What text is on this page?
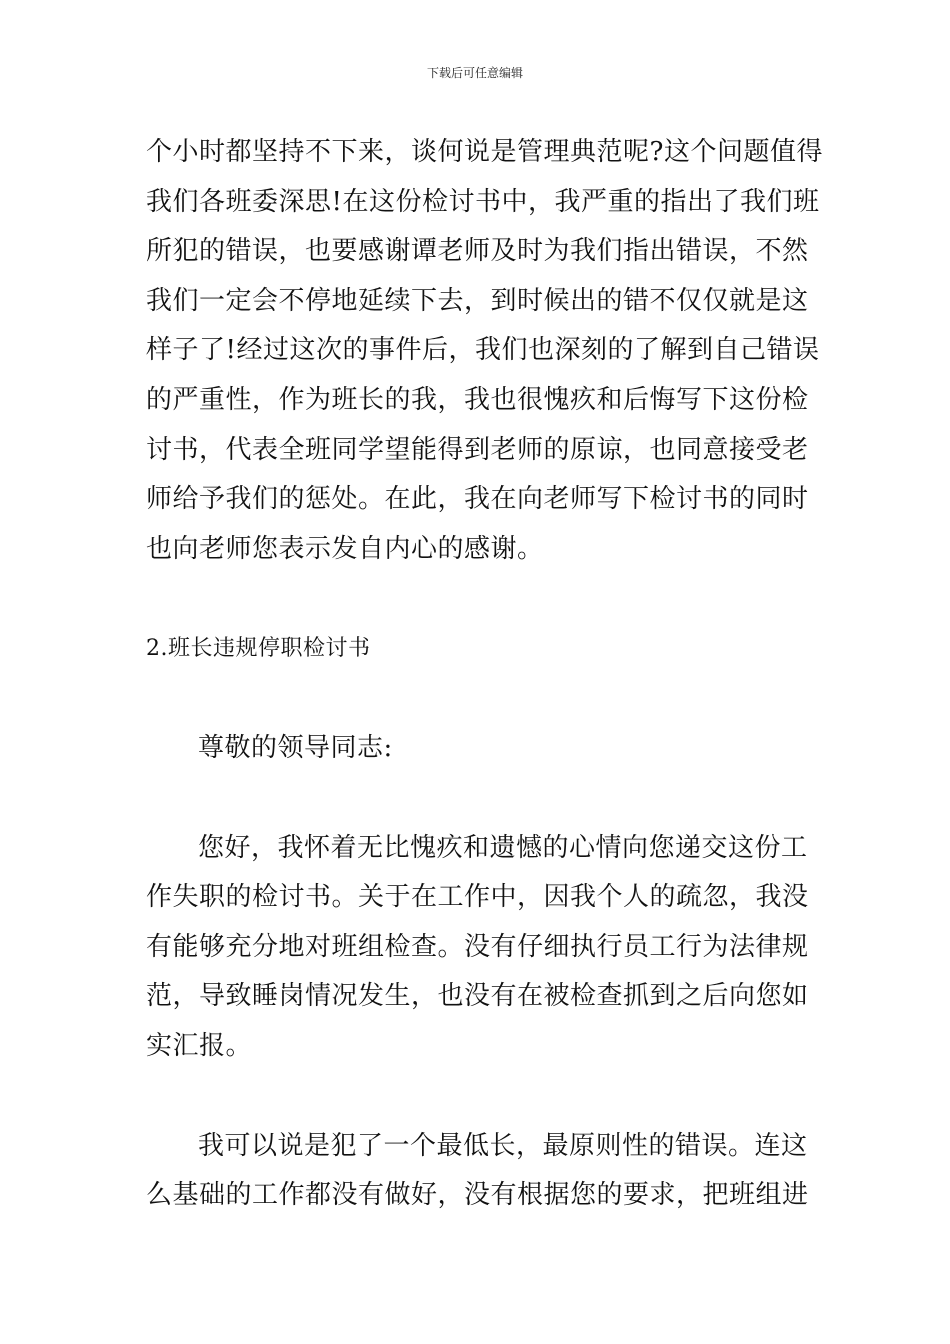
下载后可任意编辑
个小时都坚持不下来，谈何说是管理典范呢?这个问题值得
我们各班委深思!在这份检讨书中，我严重的指出了我们班
所犯的错误，也要感谢谭老师及时为我们指出错误，不然
我们一定会不停地延续下去，到时候出的错不仅仅就是这
样子了!经过这次的事件后，我们也深刻的了解到自己错误
的严重性，作为班长的我，我也很愧疚和后悔写下这份检
讨书，代表全班同学望能得到老师的原谅，也同意接受老
师给予我们的惩处。在此，我在向老师写下检讨书的同时
也向老师您表示发自内心的感谢。
2.班长违规停职检讨书
尊敬的领导同志:
您好，我怀着无比愧疚和遗憾的心情向您递交这份工
作失职的检讨书。关于在工作中，因我个人的疏忽，我没
有能够充分地对班组检查。没有仔细执行员工行为法律规
范，导致睡岗情况发生，也没有在被检查抓到之后向您如
实汇报。
我可以说是犯了一个最低长，最原则性的错误。连这
么基础的工作都没有做好，没有根据您的要求，把班组进
